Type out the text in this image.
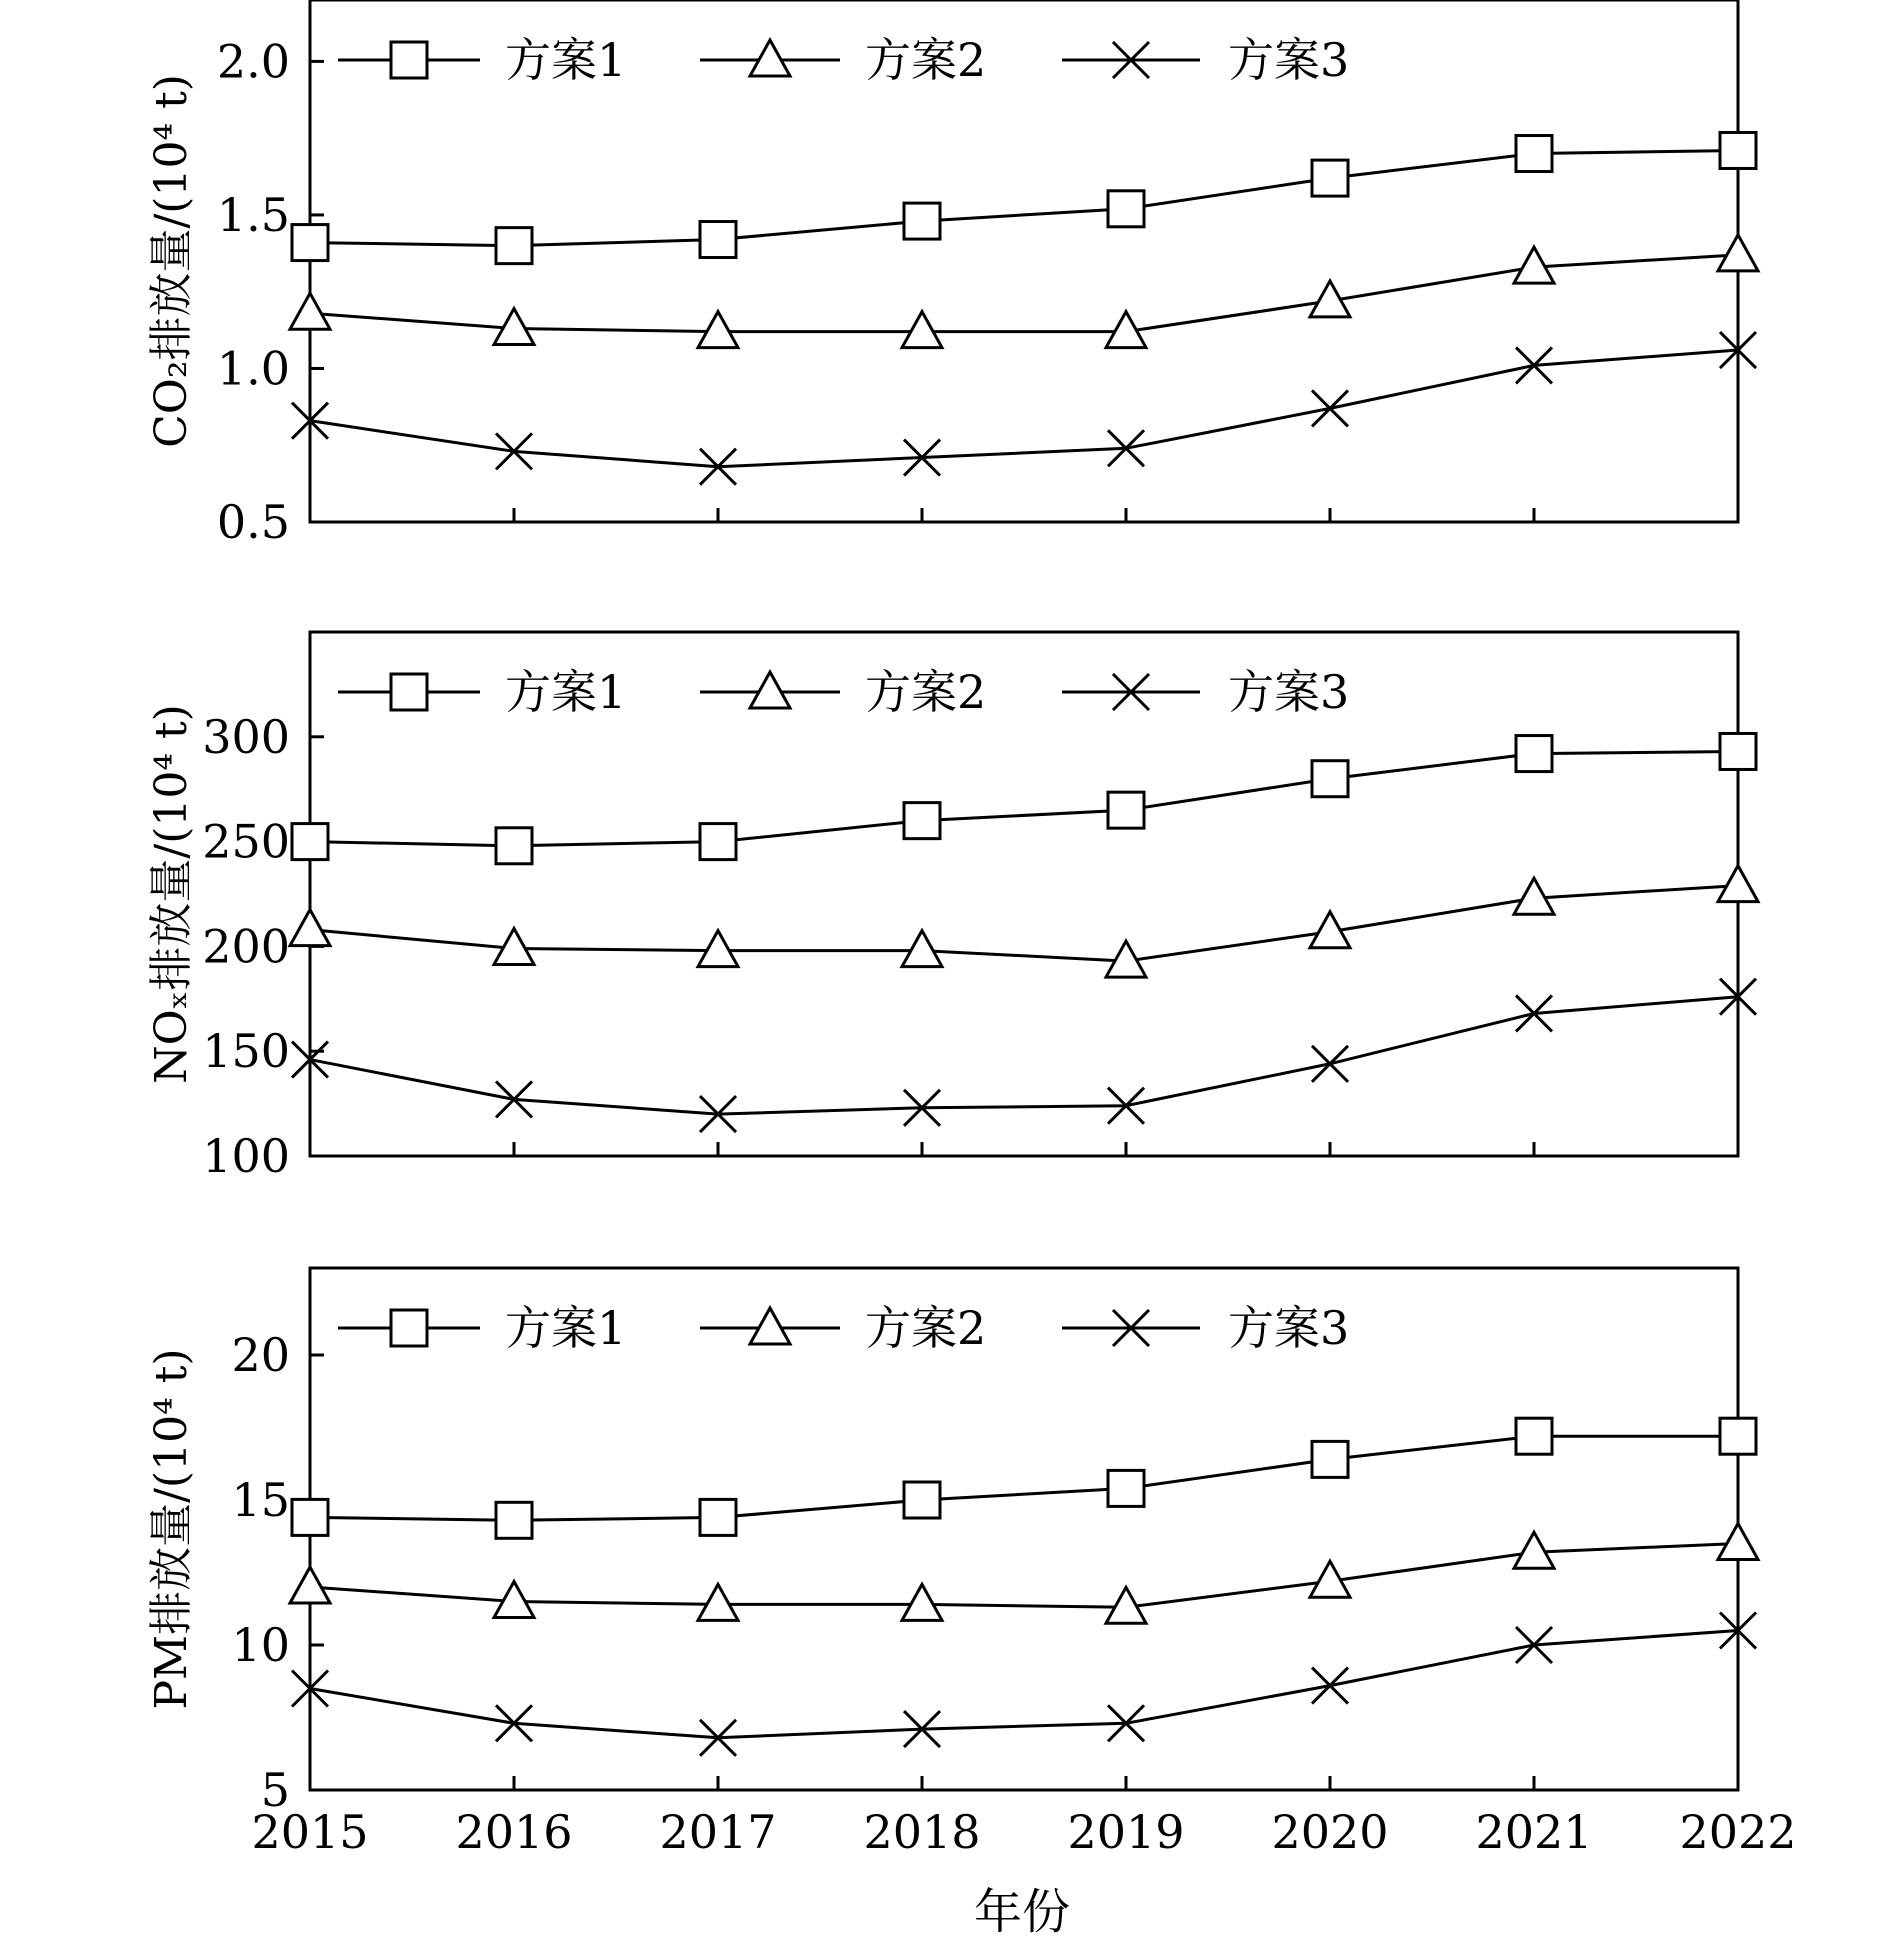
0.5
1.0
1.5
2.0
CO₂排放量/(10⁴ t)
方案1	方案2	方案3
100
150
200
250
300
NOₓ排放量/(10⁴ t)
方案1	方案2	方案3
5
10
15
20
PM排放量/(10⁴ t)
方案1	方案2	方案3
2015 2016 2017 2018 2019 2020 2021 2022
年份
